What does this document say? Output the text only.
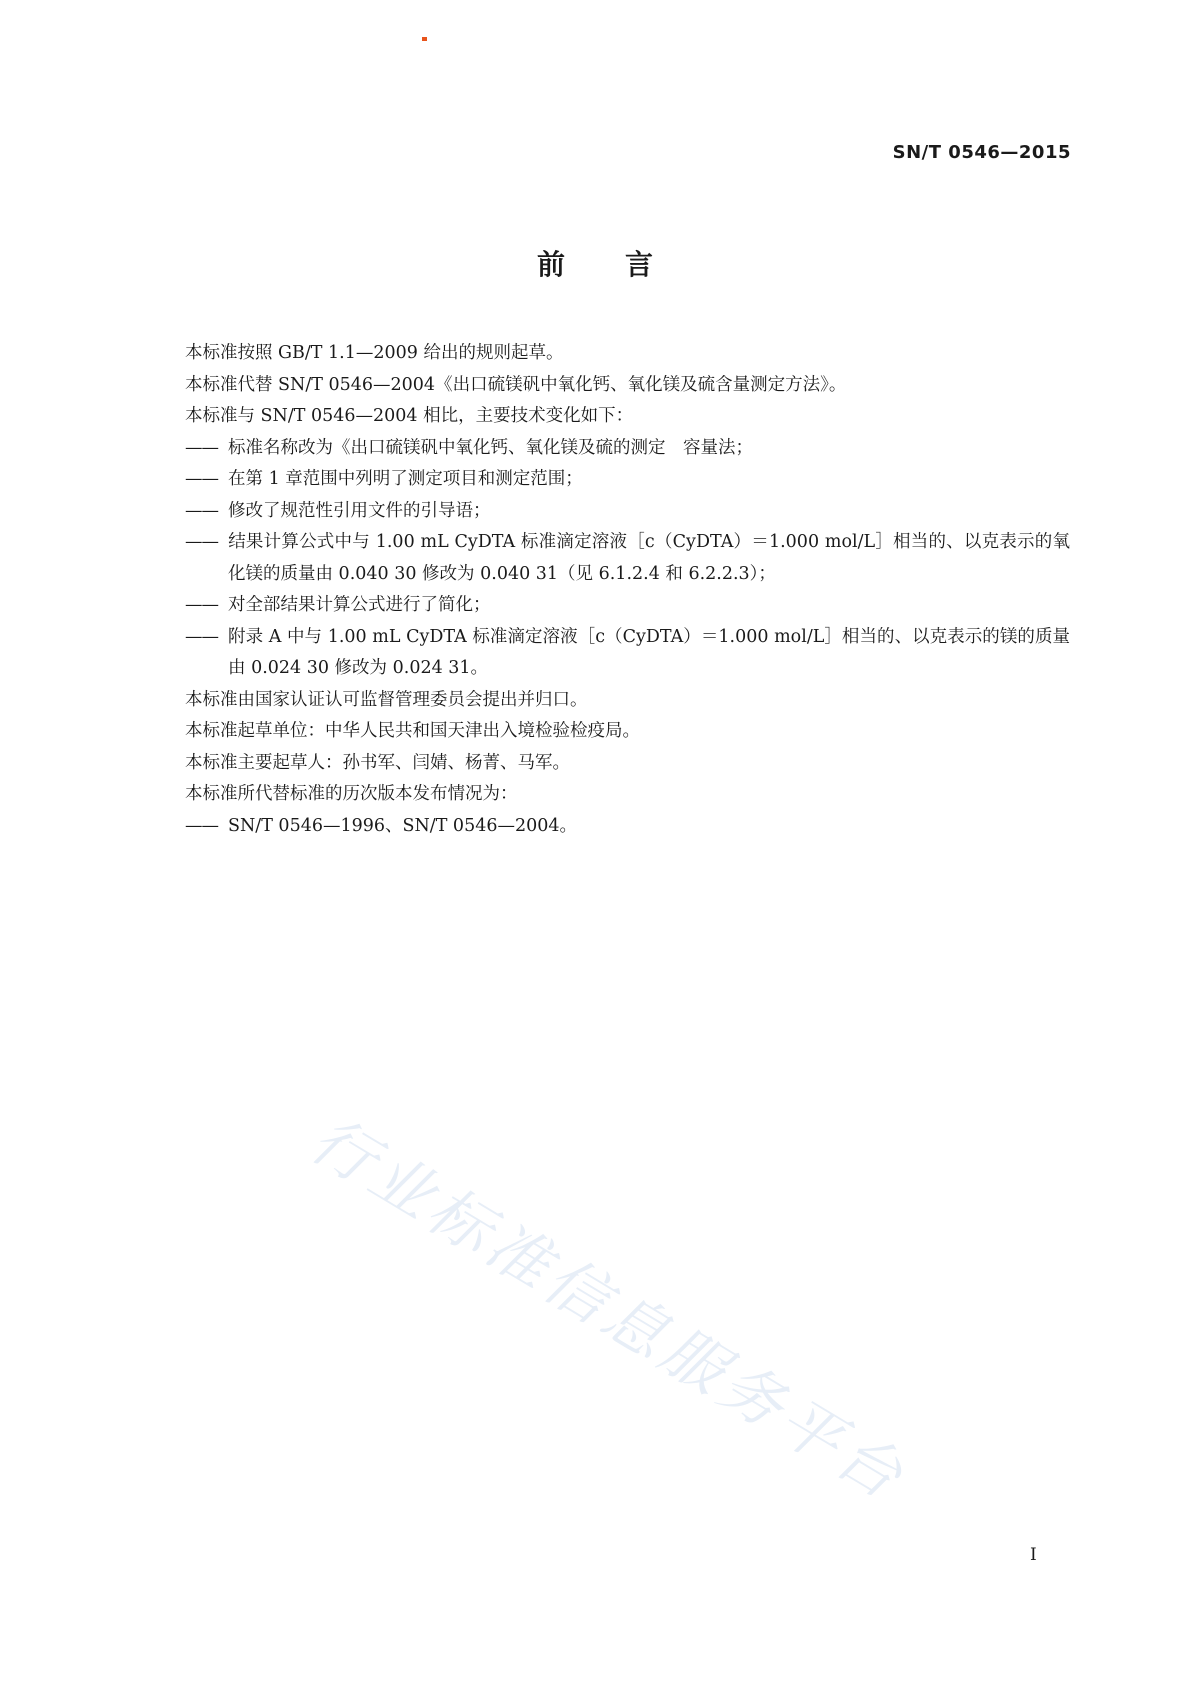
SN/T 0546—2015
前言

本标准按照 GB/T 1.1—2009 给出的规则起草。

本标准代替 SN/T 0546—2004《出口硫镁矾中氧化钙、氧化镁及硫含量测定方法》。

本标准与 SN/T 0546—2004 相比，主要技术变化如下：

—— 标准名称改为《出口硫镁矾中氧化钙、氧化镁及硫的测定　容量法；

—— 在第 1 章范围中列明了测定项目和测定范围；

—— 修改了规范性引用文件的引导语；

—— 结果计算公式中与 1.00 mL CyDTA 标准滴定溶液［c（CyDTA）＝1.000 mol/L］相当的、以克表示的氧化镁的质量由 0.040 30 修改为 0.040 31（见 6.1.2.4 和 6.2.2.3）；

—— 对全部结果计算公式进行了简化；

—— 附录 A 中与 1.00 mL CyDTA 标准滴定溶液［c（CyDTA）＝1.000 mol/L］相当的、以克表示的镁的质量由 0.024 30 修改为 0.024 31。

本标准由国家认证认可监督管理委员会提出并归口。

本标准起草单位：中华人民共和国天津出入境检验检疫局。

本标准主要起草人：孙书军、闫婧、杨菁、马军。

本标准所代替标准的历次版本发布情况为：

—— SN/T 0546—1996、SN/T 0546—2004。

行业标准信息服务平台
I
